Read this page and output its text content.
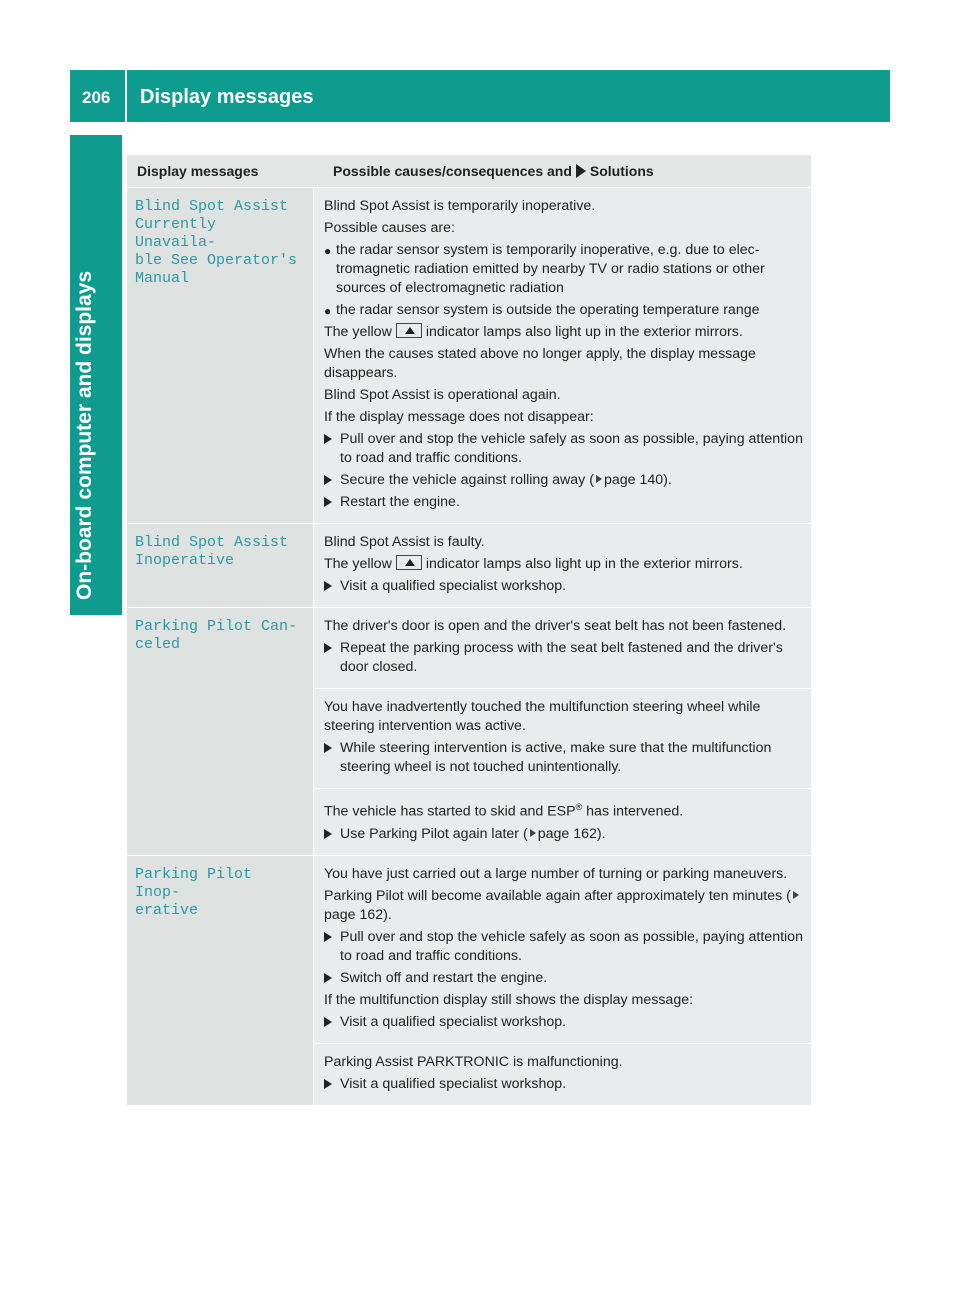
206 Display messages
On-board computer and displays
Display messages	Possible causes/consequences and Solutions
Blind Spot Assist
Currently Unavaila‐
ble See Operator's
Manual
Blind Spot Assist is temporarily inoperative.
Possible causes are:
● the radar sensor system is temporarily inoperative, e.g. due to electromagnetic radiation emitted by nearby TV or radio stations or other sources of electromagnetic radiation
● the radar sensor system is outside the operating temperature range
The yellow indicator lamps also light up in the exterior mirrors.
When the causes stated above no longer apply, the display message disappears.
Blind Spot Assist is operational again.
If the display message does not disappear:
Pull over and stop the vehicle safely as soon as possible, paying attention to road and traffic conditions.
Secure the vehicle against rolling away ( page 140).
Restart the engine.
Blind Spot Assist
Inoperative
Blind Spot Assist is faulty.
The yellow indicator lamps also light up in the exterior mirrors.
Visit a qualified specialist workshop.
Parking Pilot Can‐
celed
The driver's door is open and the driver's seat belt has not been fastened.
Repeat the parking process with the seat belt fastened and the driver's door closed.
You have inadvertently touched the multifunction steering wheel while steering intervention was active.
While steering intervention is active, make sure that the multifunction steering wheel is not touched unintentionally.
The vehicle has started to skid and ESP® has intervened.
Use Parking Pilot again later ( page 162).
Parking Pilot Inop‐
erative
You have just carried out a large number of turning or parking maneuvers.
Parking Pilot will become available again after approximately ten minutes (page 162).
Pull over and stop the vehicle safely as soon as possible, paying attention to road and traffic conditions.
Switch off and restart the engine.
If the multifunction display still shows the display message:
Visit a qualified specialist workshop.
Parking Assist PARKTRONIC is malfunctioning.
Visit a qualified specialist workshop.
